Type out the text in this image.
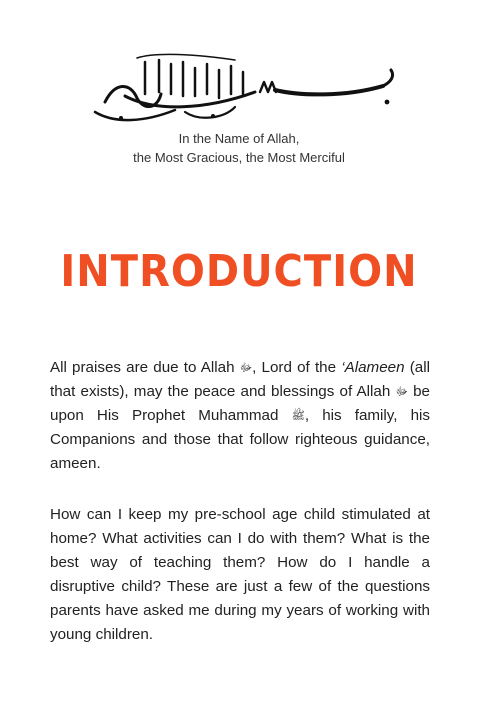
In the Name of Allah,
the Most Gracious, the Most Merciful
INTRODUCTION
All praises are due to Allah ﷻ, Lord of the ‘Alameen (all that exists), may the peace and blessings of Allah ﷻ be upon His Prophet Muhammad ﷺ, his family, his Companions and those that follow righteous guidance, ameen.
How can I keep my pre-school age child stimulated at home? What activities can I do with them? What is the best way of teaching them? How do I handle a disruptive child? These are just a few of the questions parents have asked me during my years of working with young children.
